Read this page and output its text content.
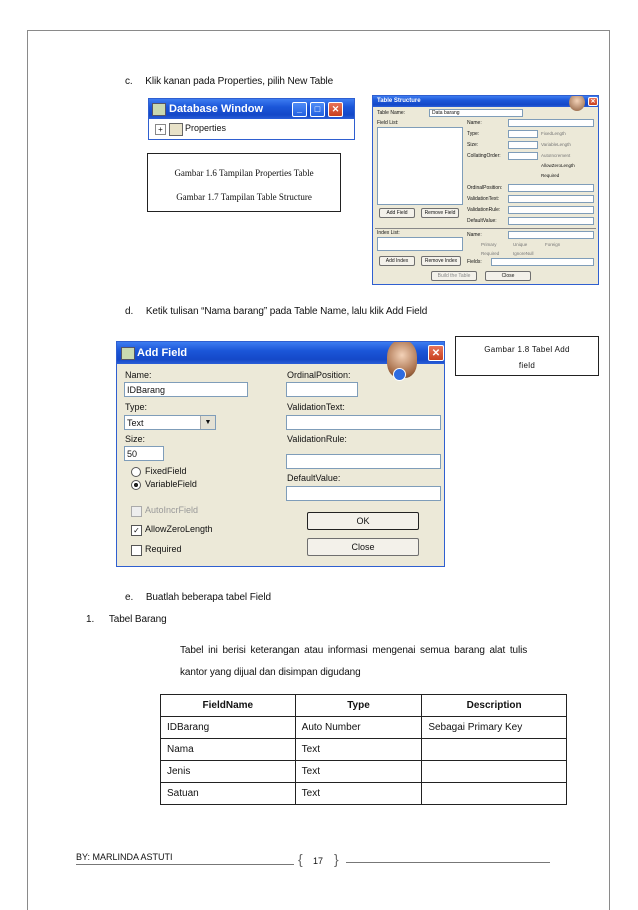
c. Klik kanan pada Properties, pilih New Table
Database Window	_	□	✕
+	Properties
Gambar 1.6 Tampilan Properties Table
Gambar 1.7 Tampilan Table Structure
Table Structure	✕
Table Name:	Data barang
Field List:	Name:
Type:
Size:
CollatingOrder:
FixedLength
VariableLength
AutoIncrement
AllowZeroLength
Required
OrdinalPosition:
ValidationText:
ValidationRule:
DefaultValue:
Add Field	Remove Field
Index List:	Name:
Primary	Unique	Foreign
Required	IgnoreNull
Fields:
Add Index	Remove Index
Build the Table	Close
d. Ketik tulisan “Nama barang” pada Table Name, lalu klik Add Field
Gambar 1.8 Tabel Add
field
Add Field	✕
Name:
IDBarang
Type:
Text	▼
Size:
50
FixedField
VariableField
AutoIncrField
✓ AllowZeroLength
Required
OrdinalPosition:
ValidationText:
ValidationRule:
DefaultValue:
OK
Close
e. Buatlah beberapa tabel Field
1. Tabel Barang
Tabel ini berisi keterangan atau informasi mengenai semua barang alat tulis
kantor yang dijual dan disimpan digudang
FieldName	Type	Description
IDBarang	Auto Number	Sebagai Primary Key
Nama	Text	
Jenis	Text	
Satuan	Text	
BY: MARLINDA ASTUTI	{ 17 }
